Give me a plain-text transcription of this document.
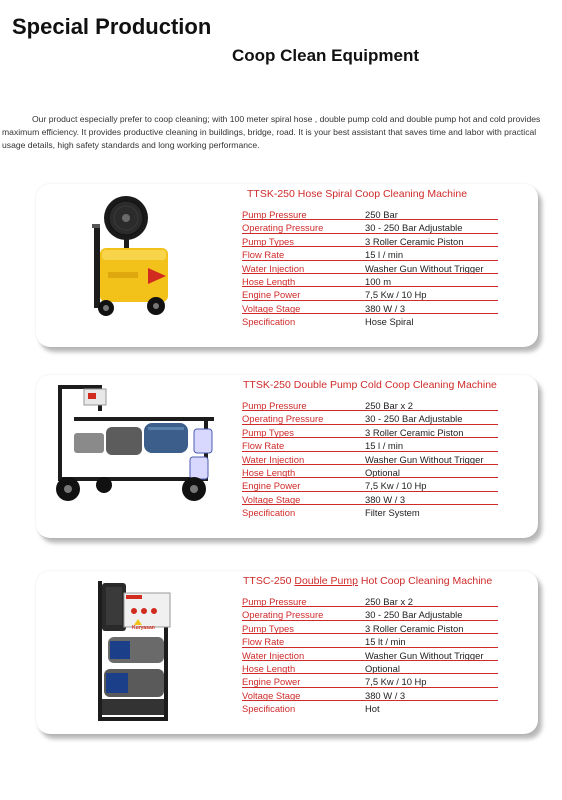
Special Production
Coop Clean Equipment
Our product especially prefer to coop cleaning; with 100 meter spiral hose , double pump cold and double pump hot and cold provides maximum efficiency. It provides productive cleaning in buildings, bridge, road. It is your best assistant that saves time and labor with practical usage details, high safety standards and long working performance.
TTSK-250 Hose Spiral Coop Cleaning Machine
Pump Pressure	250 Bar
Operating Pressure	30 - 250 Bar Adjustable
Pump Types	3 Roller Ceramic Piston
Flow Rate	15 l / min
Water Injection	Washer Gun Without Trigger
Hose Length	100 m
Engine Power	7,5 Kw / 10 Hp
Voltage Stage	380 W / 3
Specification	Hose Spiral
TTSK-250 Double Pump Cold Coop Cleaning Machine
Pump Pressure	250 Bar x 2
Operating Pressure	30 - 250 Bar Adjustable
Pump Types	3 Roller Ceramic Piston
Flow Rate	15 l / min
Water Injection	Washer Gun Without Trigger
Hose Length	Optional
Engine Power	7,5 Kw / 10 Hp
Voltage Stage	380 W / 3
Specification	Filter System
Kuryasan
TTSC-250 Double Pump Hot Coop Cleaning Machine
Pump Pressure	250 Bar x 2
Operating Pressure	30 - 250 Bar Adjustable
Pump Types	3 Roller Ceramic Piston
Flow Rate	15 lt / min
Water Injection	Washer Gun Without Trigger
Hose Length	Optional
Engine Power	7,5 Kw / 10 Hp
Voltage Stage	380 W / 3
Specification	Hot
